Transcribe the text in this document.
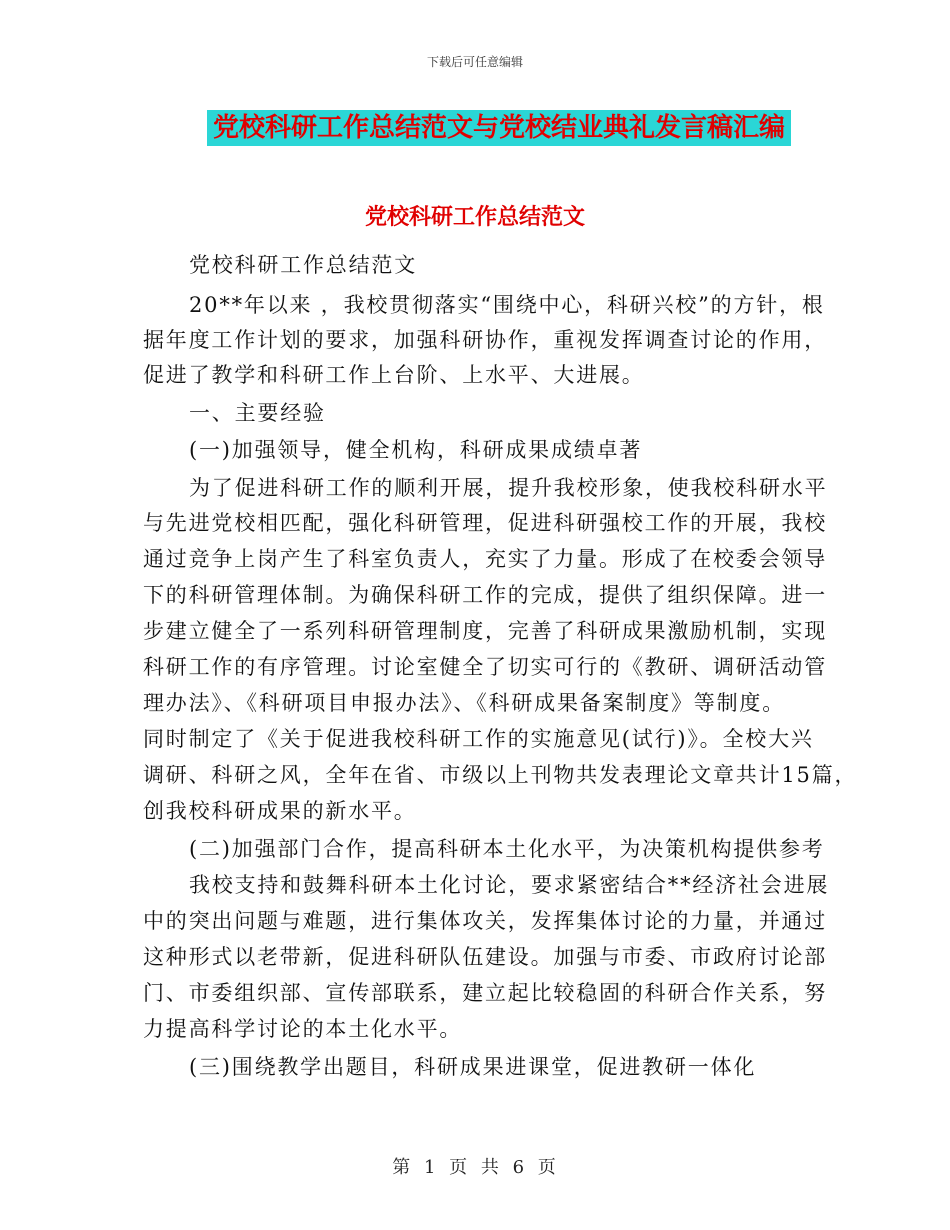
下载后可任意编辑
党校科研工作总结范文与党校结业典礼发言稿汇编
党校科研工作总结范文
党校科研工作总结范文
20**年以来 ，我校贯彻落实“围绕中心，科研兴校”的方针，根
据年度工作计划的要求，加强科研协作，重视发挥调查讨论的作用，
促进了教学和科研工作上台阶、上水平、大进展。
一、主要经验
(一)加强领导，健全机构，科研成果成绩卓著
为了促进科研工作的顺利开展，提升我校形象，使我校科研水平
与先进党校相匹配，强化科研管理，促进科研强校工作的开展，我校
通过竞争上岗产生了科室负责人，充实了力量。形成了在校委会领导
下的科研管理体制。为确保科研工作的完成，提供了组织保障。进一
步建立健全了一系列科研管理制度，完善了科研成果激励机制，实现
科研工作的有序管理。讨论室健全了切实可行的《教研、调研活动管
理办法》、《科研项目申报办法》、《科研成果备案制度》等制度。
同时制定了《关于促进我校科研工作的实施意见(试行)》。全校大兴
调研、科研之风，全年在省、市级以上刊物共发表理论文章共计15篇，
创我校科研成果的新水平。
(二)加强部门合作，提高科研本土化水平，为决策机构提供参考
我校支持和鼓舞科研本土化讨论，要求紧密结合**经济社会进展
中的突出问题与难题，进行集体攻关，发挥集体讨论的力量，并通过
这种形式以老带新，促进科研队伍建设。加强与市委、市政府讨论部
门、市委组织部、宣传部联系，建立起比较稳固的科研合作关系，努
力提高科学讨论的本土化水平。
(三)围绕教学出题目，科研成果进课堂，促进教研一体化
第 1 页 共 6 页
